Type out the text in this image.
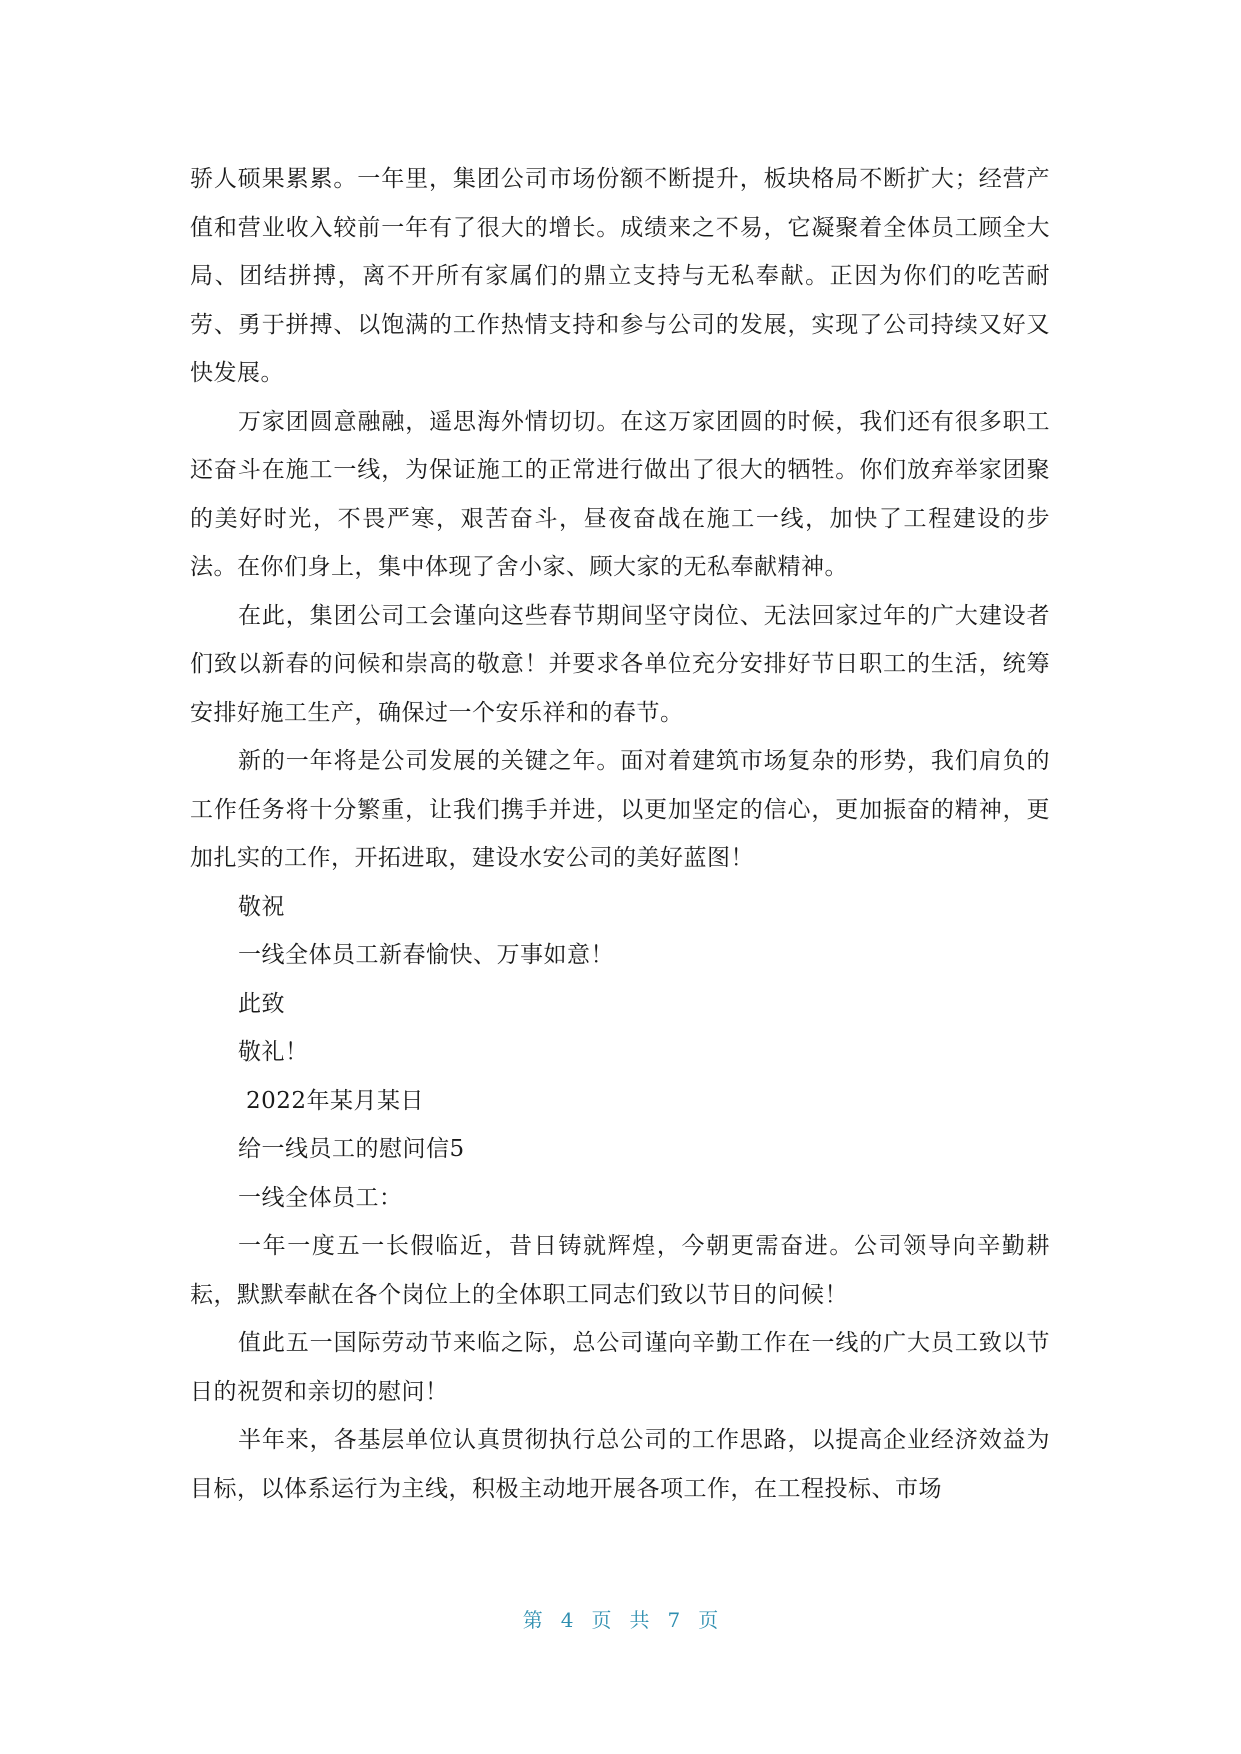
骄人硕果累累。一年里，集团公司市场份额不断提升，板块格局不断扩大；经营产值和营业收入较前一年有了很大的增长。成绩来之不易，它凝聚着全体员工顾全大局、团结拼搏，离不开所有家属们的鼎立支持与无私奉献。正因为你们的吃苦耐劳、勇于拼搏、以饱满的工作热情支持和参与公司的发展，实现了公司持续又好又快发展。

万家团圆意融融，遥思海外情切切。在这万家团圆的时候，我们还有很多职工还奋斗在施工一线，为保证施工的正常进行做出了很大的牺牲。你们放弃举家团聚的美好时光，不畏严寒，艰苦奋斗，昼夜奋战在施工一线，加快了工程建设的步法。在你们身上，集中体现了舍小家、顾大家的无私奉献精神。

在此，集团公司工会谨向这些春节期间坚守岗位、无法回家过年的广大建设者们致以新春的问候和崇高的敬意！并要求各单位充分安排好节日职工的生活，统筹安排好施工生产，确保过一个安乐祥和的春节。

新的一年将是公司发展的关键之年。面对着建筑市场复杂的形势，我们肩负的工作任务将十分繁重，让我们携手并进，以更加坚定的信心，更加振奋的精神，更加扎实的工作，开拓进取，建设水安公司的美好蓝图！

敬祝

一线全体员工新春愉快、万事如意！

此致

敬礼！

2022年某月某日

给一线员工的慰问信5

一线全体员工：

一年一度五一长假临近，昔日铸就辉煌，今朝更需奋进。公司领导向辛勤耕耘，默默奉献在各个岗位上的全体职工同志们致以节日的问候！

值此五一国际劳动节来临之际，总公司谨向辛勤工作在一线的广大员工致以节日的祝贺和亲切的慰问！

半年来，各基层单位认真贯彻执行总公司的工作思路，以提高企业经济效益为目标，以体系运行为主线，积极主动地开展各项工作，在工程投标、市场

第 4 页 共 7 页
